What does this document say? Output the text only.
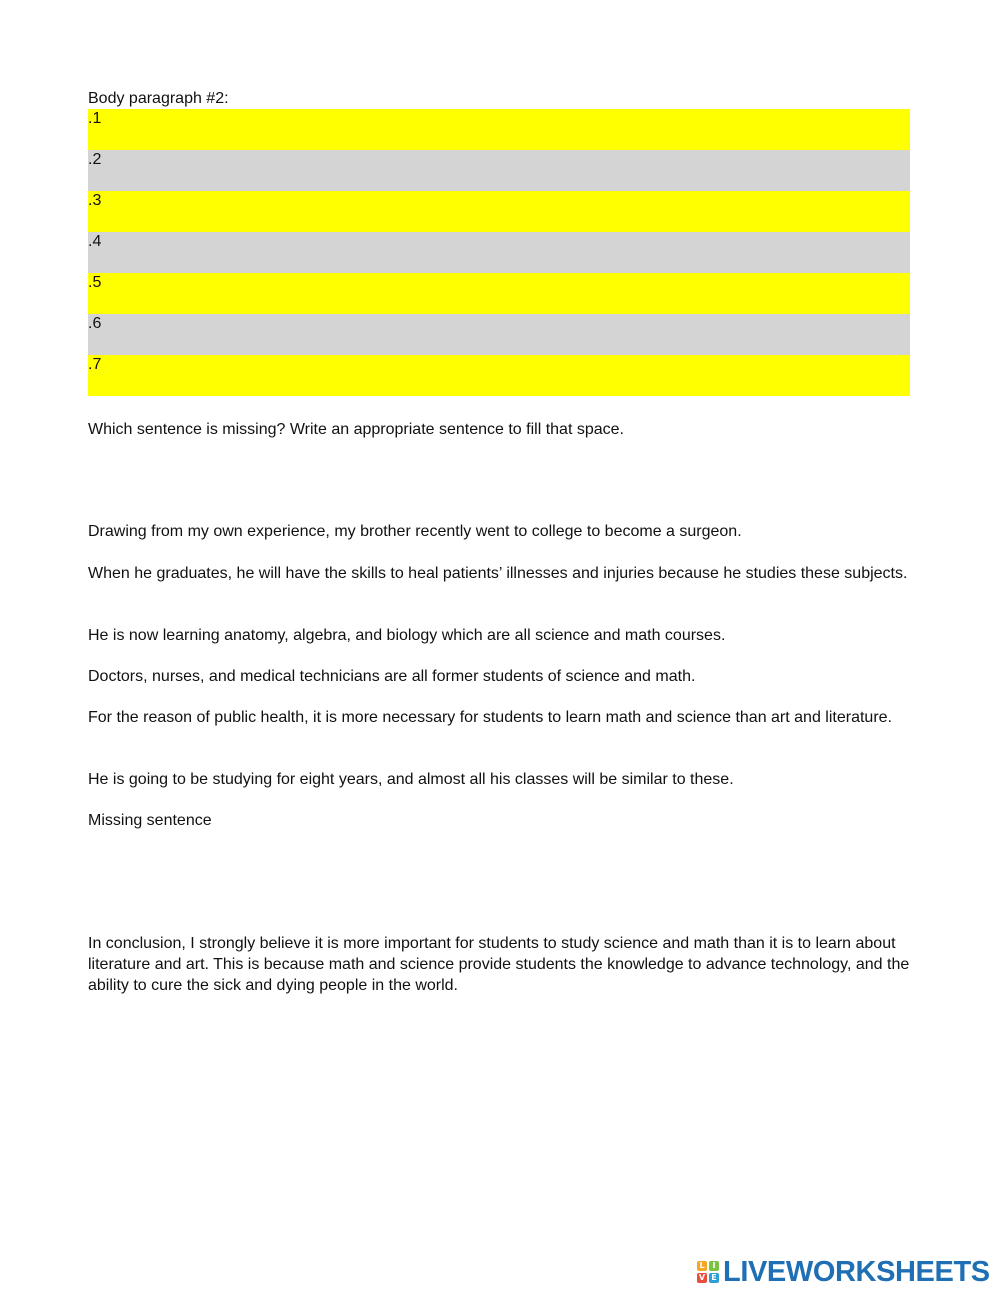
Body paragraph #2:
.1
.2
.3
.4
.5
.6
.7
Which sentence is missing? Write an appropriate sentence to fill that space.
Drawing from my own experience, my brother recently went to college to become a surgeon.
When he graduates, he will have the skills to heal patients’ illnesses and injuries because he studies these subjects.
He is now learning anatomy, algebra, and biology which are all science and math courses.
Doctors, nurses, and medical technicians are all former students of science and math.
For the reason of public health, it is more necessary for students to learn math and science than art and literature.
He is going to be studying for eight years, and almost all his classes will be similar to these.
Missing sentence
In conclusion, I strongly believe it is more important for students to study science and math than it is to learn about literature and art. This is because math and science provide students the knowledge to advance technology, and the ability to cure the sick and dying people in the world.
L I
V E LIVEWORKSHEETS
